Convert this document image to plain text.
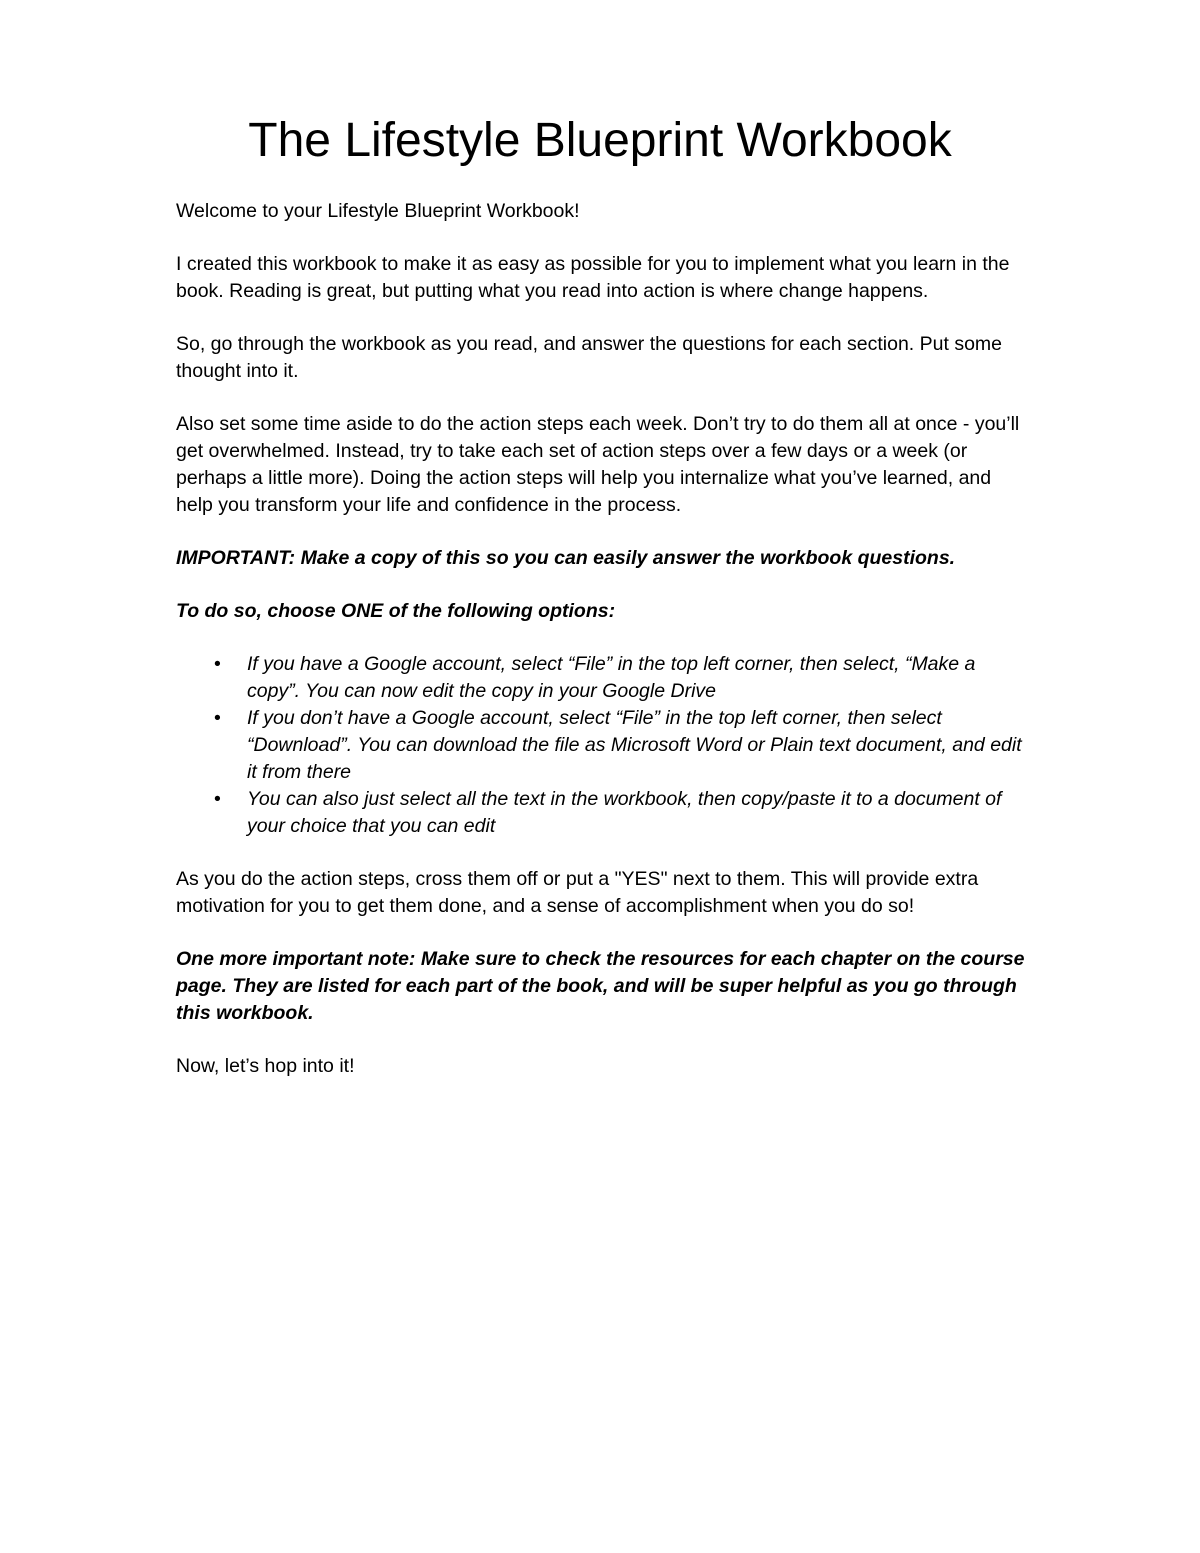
The Lifestyle Blueprint Workbook

Welcome to your Lifestyle Blueprint Workbook!

I created this workbook to make it as easy as possible for you to implement what you learn in the book. Reading is great, but putting what you read into action is where change happens.

So, go through the workbook as you read, and answer the questions for each section. Put some thought into it.

Also set some time aside to do the action steps each week. Don’t try to do them all at once - you’ll get overwhelmed. Instead, try to take each set of action steps over a few days or a week (or perhaps a little more). Doing the action steps will help you internalize what you’ve learned, and help you transform your life and confidence in the process.

IMPORTANT: Make a copy of this so you can easily answer the workbook questions.

To do so, choose ONE of the following options:

• If you have a Google account, select “File” in the top left corner, then select, “Make a copy”. You can now edit the copy in your Google Drive
• If you don’t have a Google account, select “File” in the top left corner, then select “Download”. You can download the file as Microsoft Word or Plain text document, and edit it from there
• You can also just select all the text in the workbook, then copy/paste it to a document of your choice that you can edit

As you do the action steps, cross them off or put a "YES" next to them. This will provide extra motivation for you to get them done, and a sense of accomplishment when you do so!

One more important note: Make sure to check the resources for each chapter on the course page. They are listed for each part of the book, and will be super helpful as you go through this workbook.

Now, let’s hop into it!
